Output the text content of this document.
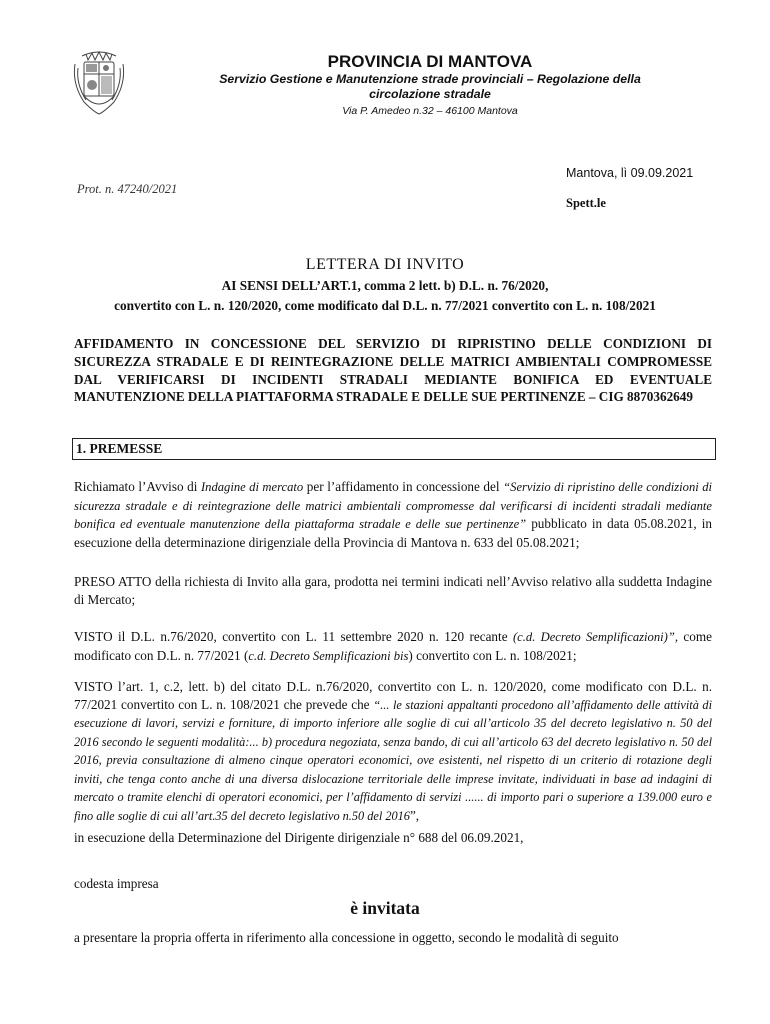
PROVINCIA DI MANTOVA

Servizio Gestione e Manutenzione strade provinciali – Regolazione della circolazione stradale

Via P. Amedeo n.32 – 46100 Mantova

Mantova, lì 09.09.2021
Prot. n. 47240/2021
Spett.le
LETTERA DI INVITO
AI SENSI DELL’ART.1, comma 2 lett. b) D.L. n. 76/2020,
convertito con L. n. 120/2020, come modificato dal D.L. n. 77/2021 convertito con L. n. 108/2021
AFFIDAMENTO IN CONCESSIONE DEL SERVIZIO DI RIPRISTINO DELLE CONDIZIONI DI SICUREZZA STRADALE E DI REINTEGRAZIONE DELLE MATRICI AMBIENTALI COMPROMESSE DAL VERIFICARSI DI INCIDENTI STRADALI MEDIANTE BONIFICA ED EVENTUALE MANUTENZIONE DELLA PIATTAFORMA STRADALE E DELLE SUE PERTINENZE – CIG 8870362649
1. PREMESSE
Richiamato l’Avviso di Indagine di mercato per l’affidamento in concessione del “Servizio di ripristino delle condizioni di sicurezza stradale e di reintegrazione delle matrici ambientali compromesse dal verificarsi di incidenti stradali mediante bonifica ed eventuale manutenzione della piattaforma stradale e delle sue pertinenze” pubblicato in data 05.08.2021, in esecuzione della determinazione dirigenziale della Provincia di Mantova n. 633 del 05.08.2021;
PRESO ATTO della richiesta di Invito alla gara, prodotta nei termini indicati nell’Avviso relativo alla suddetta Indagine di Mercato;
VISTO il D.L. n.76/2020, convertito con L. 11 settembre 2020 n. 120 recante (c.d. Decreto Semplificazioni)”, come modificato con D.L. n. 77/2021 (c.d. Decreto Semplificazioni bis) convertito con L. n. 108/2021;
VISTO l’art. 1, c.2, lett. b) del citato D.L. n.76/2020, convertito con L. n. 120/2020, come modificato con D.L. n. 77/2021 convertito con L. n. 108/2021 che prevede che “... le stazioni appaltanti procedono all’affidamento delle attività di esecuzione di lavori, servizi e forniture, di importo inferiore alle soglie di cui all’articolo 35 del decreto legislativo n. 50 del 2016 secondo le seguenti modalità:... b) procedura negoziata, senza bando, di cui all’articolo 63 del decreto legislativo n. 50 del 2016, previa consultazione di almeno cinque operatori economici, ove esistenti, nel rispetto di un criterio di rotazione degli inviti, che tenga conto anche di una diversa dislocazione territoriale delle imprese invitate, individuati in base ad indagini di mercato o tramite elenchi di operatori economici, per l’affidamento di servizi ...... di importo pari o superiore a 139.000 euro e fino alle soglie di cui all’art.35 del decreto legislativo n.50 del 2016”,
in esecuzione della Determinazione del Dirigente dirigenziale n° 688 del 06.09.2021,
codesta impresa
è invitata
a presentare la propria offerta in riferimento alla concessione in oggetto, secondo le modalità di seguito
